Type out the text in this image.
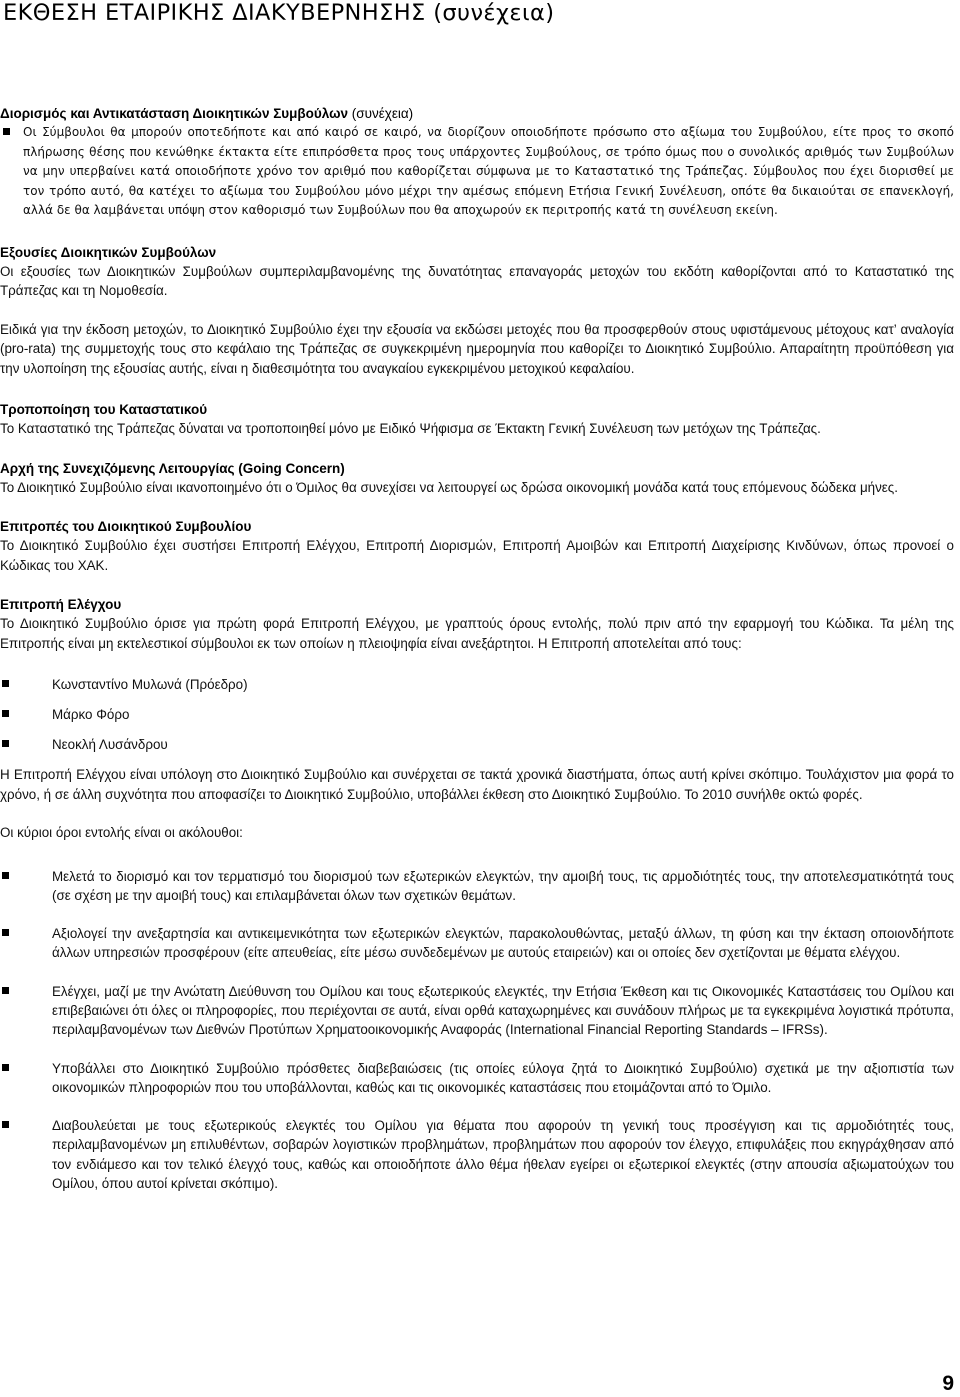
ΕΚΘΕΣΗ ΕΤΑΙΡΙΚΗΣ ΔΙΑΚΥΒΕΡΝΗΣΗΣ (συνέχεια)
Διορισμός και Αντικατάσταση Διοικητικών Συμβούλων (συνέχεια)
Οι Σύμβουλοι θα μπορούν οποτεδήποτε και από καιρό σε καιρό, να διορίζουν οποιοδήποτε πρόσωπο στο αξίωμα του Συμβούλου, είτε προς το σκοπό πλήρωσης θέσης που κενώθηκε έκτακτα είτε επιπρόσθετα προς τους υπάρχοντες Συμβούλους, σε τρόπο όμως που ο συνολικός αριθμός των Συμβούλων να μην υπερβαίνει κατά οποιοδήποτε χρόνο τον αριθμό που καθορίζεται σύμφωνα με το Καταστατικό της Τράπεζας. Σύμβουλος που έχει διορισθεί με τον τρόπο αυτό, θα κατέχει το αξίωμα του Συμβούλου μόνο μέχρι την αμέσως επόμενη Ετήσια Γενική Συνέλευση, οπότε θα δικαιούται σε επανεκλογή, αλλά δε θα λαμβάνεται υπόψη στον καθορισμό των Συμβούλων που θα αποχωρούν εκ περιτροπής κατά τη συνέλευση εκείνη.
Εξουσίες Διοικητικών Συμβούλων

Οι εξουσίες των Διοικητικών Συμβούλων συμπεριλαμβανομένης της δυνατότητας επαναγοράς μετοχών του εκδότη καθορίζονται από το Καταστατικό της Τράπεζας και τη Νομοθεσία.

Ειδικά για την έκδοση μετοχών, το Διοικητικό Συμβούλιο έχει την εξουσία να εκδώσει μετοχές που θα προσφερθούν στους υφιστάμενους μέτοχους κατ’ αναλογία (pro-rata) της συμμετοχής τους στο κεφάλαιο της Τράπεζας σε συγκεκριμένη ημερομηνία που καθορίζει το Διοικητικό Συμβούλιο. Απαραίτητη προϋπόθεση για την υλοποίηση της εξουσίας αυτής, είναι η διαθεσιμότητα του αναγκαίου εγκεκριμένου μετοχικού κεφαλαίου.

Τροποποίηση του Καταστατικού

Το Καταστατικό της Τράπεζας δύναται να τροποποιηθεί μόνο με Ειδικό Ψήφισμα σε Έκτακτη Γενική Συνέλευση των μετόχων της Τράπεζας.

Αρχή της Συνεχιζόμενης Λειτουργίας (Going Concern)

Το Διοικητικό Συμβούλιο είναι ικανοποιημένο ότι ο Όμιλος θα συνεχίσει να λειτουργεί ως δρώσα οικονομική μονάδα κατά τους επόμενους δώδεκα μήνες.

Επιτροπές του Διοικητικού Συμβουλίου

Το Διοικητικό Συμβούλιο έχει συστήσει Επιτροπή Ελέγχου, Επιτροπή Διορισμών, Επιτροπή Αμοιβών και Επιτροπή Διαχείρισης Κινδύνων, όπως προνοεί ο Κώδικας του ΧΑΚ.

Επιτροπή Ελέγχου

Το Διοικητικό Συμβούλιο όρισε για πρώτη φορά Επιτροπή Ελέγχου, με γραπτούς όρους εντολής, πολύ πριν από την εφαρμογή του Κώδικα. Τα μέλη της Επιτροπής είναι μη εκτελεστικοί σύμβουλοι εκ των οποίων η πλειοψηφία είναι ανεξάρτητοι. Η Επιτροπή αποτελείται από τους:

Κωνσταντίνο Μυλωνά (Πρόεδρο)
Μάρκο Φόρο
Νεοκλή Λυσάνδρου

Η Επιτροπή Ελέγχου είναι υπόλογη στο Διοικητικό Συμβούλιο και συνέρχεται σε τακτά χρονικά διαστήματα, όπως αυτή κρίνει σκόπιμο. Τουλάχιστον μια φορά το χρόνο, ή σε άλλη συχνότητα που αποφασίζει το Διοικητικό Συμβούλιο, υποβάλλει έκθεση στο Διοικητικό Συμβούλιο. Το 2010 συνήλθε οκτώ φορές.

Οι κύριοι όροι εντολής είναι οι ακόλουθοι:

Μελετά το διορισμό και τον τερματισμό του διορισμού των εξωτερικών ελεγκτών, την αμοιβή τους, τις αρμοδιότητές τους, την αποτελεσματικότητά τους (σε σχέση με την αμοιβή τους) και επιλαμβάνεται όλων των σχετικών θεμάτων.
Αξιολογεί την ανεξαρτησία και αντικειμενικότητα των εξωτερικών ελεγκτών, παρακολουθώντας, μεταξύ άλλων, τη φύση και την έκταση οποιονδήποτε άλλων υπηρεσιών προσφέρουν (είτε απευθείας, είτε μέσω συνδεδεμένων με αυτούς εταιρειών) και οι οποίες δεν σχετίζονται με θέματα ελέγχου.
Ελέγχει, μαζί με την Ανώτατη Διεύθυνση του Ομίλου και τους εξωτερικούς ελεγκτές, την Ετήσια Έκθεση και τις Οικονομικές Καταστάσεις του Ομίλου και επιβεβαιώνει ότι όλες οι πληροφορίες, που περιέχονται σε αυτά, είναι ορθά καταχωρημένες και συνάδουν πλήρως με τα εγκεκριμένα λογιστικά πρότυπα, περιλαμβανομένων των Διεθνών Προτύπων Χρηματοοικονομικής Αναφοράς (International Financial Reporting Standards – IFRSs).
Υποβάλλει στο Διοικητικό Συμβούλιο πρόσθετες διαβεβαιώσεις (τις οποίες εύλογα ζητά το Διοικητικό Συμβούλιο) σχετικά με την αξιοπιστία των οικονομικών πληροφοριών που του υποβάλλονται, καθώς και τις οικονομικές καταστάσεις που ετοιμάζονται από το Όμιλο.
Διαβουλεύεται με τους εξωτερικούς ελεγκτές του Ομίλου για θέματα που αφορούν τη γενική τους προσέγγιση και τις αρμοδιότητές τους, περιλαμβανομένων μη επιλυθέντων, σοβαρών λογιστικών προβλημάτων, προβλημάτων που αφορούν τον έλεγχο, επιφυλάξεις που εκηγράχθησαν από τον ενδιάμεσο και τον τελικό έλεγχό τους, καθώς και οποιοδήποτε άλλο θέμα ήθελαν εγείρει οι εξωτερικοί ελεγκτές (στην απουσία αξιωματούχων του Ομίλου, όπου αυτοί κρίνεται σκόπιμο).
9
